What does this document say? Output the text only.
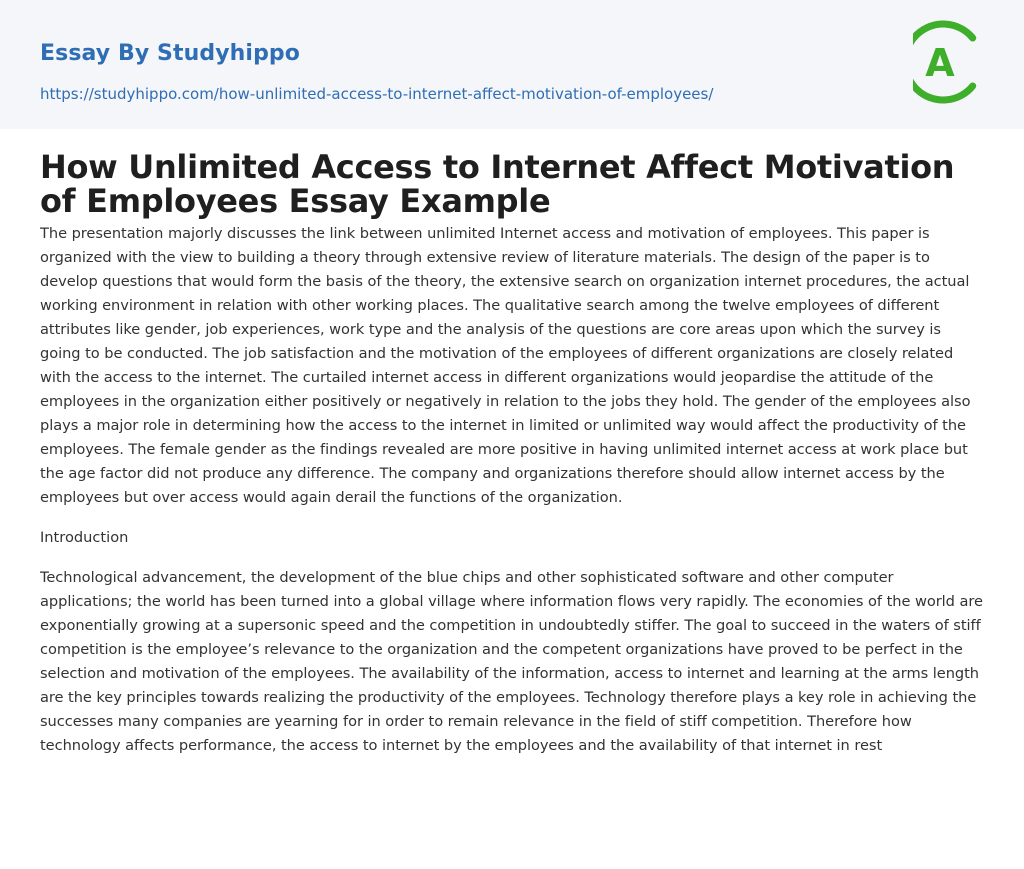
Essay By Studyhippo
https://studyhippo.com/how-unlimited-access-to-internet-affect-motivation-of-employees/
A
How Unlimited Access to Internet Affect Motivation of Employees Essay Example

The presentation majorly discusses the link between unlimited Internet access and motivation of employees. This paper is organized with the view to building a theory through extensive review of literature materials. The design of the paper is to develop questions that would form the basis of the theory, the extensive search on organization internet procedures, the actual working environment in relation with other working places. The qualitative search among the twelve employees of different attributes like gender, job experiences, work type and the analysis of the questions are core areas upon which the survey is going to be conducted. The job satisfaction and the motivation of the employees of different organizations are closely related with the access to the internet. The curtailed internet access in different organizations would jeopardise the attitude of the employees in the organization either positively or negatively in relation to the jobs they hold. The gender of the employees also plays a major role in determining how the access to the internet in limited or unlimited way would affect the productivity of the employees. The female gender as the findings revealed are more positive in having unlimited internet access at work place but the age factor did not produce any difference. The company and organizations therefore should allow internet access by the employees but over access would again derail the functions of the organization.

Introduction

Technological advancement, the development of the blue chips and other sophisticated software and other computer applications; the world has been turned into a global village where information flows very rapidly. The economies of the world are exponentially growing at a supersonic speed and the competition in undoubtedly stiffer. The goal to succeed in the waters of stiff competition is the employee’s relevance to the organization and the competent organizations have proved to be perfect in the selection and motivation of the employees. The availability of the information, access to internet and learning at the arms length are the key principles towards realizing the productivity of the employees. Technology therefore plays a key role in achieving the successes many companies are yearning for in order to remain relevance in the field of stiff competition. Therefore how technology affects performance, the access to internet by the employees and the availability of that internet in rest
